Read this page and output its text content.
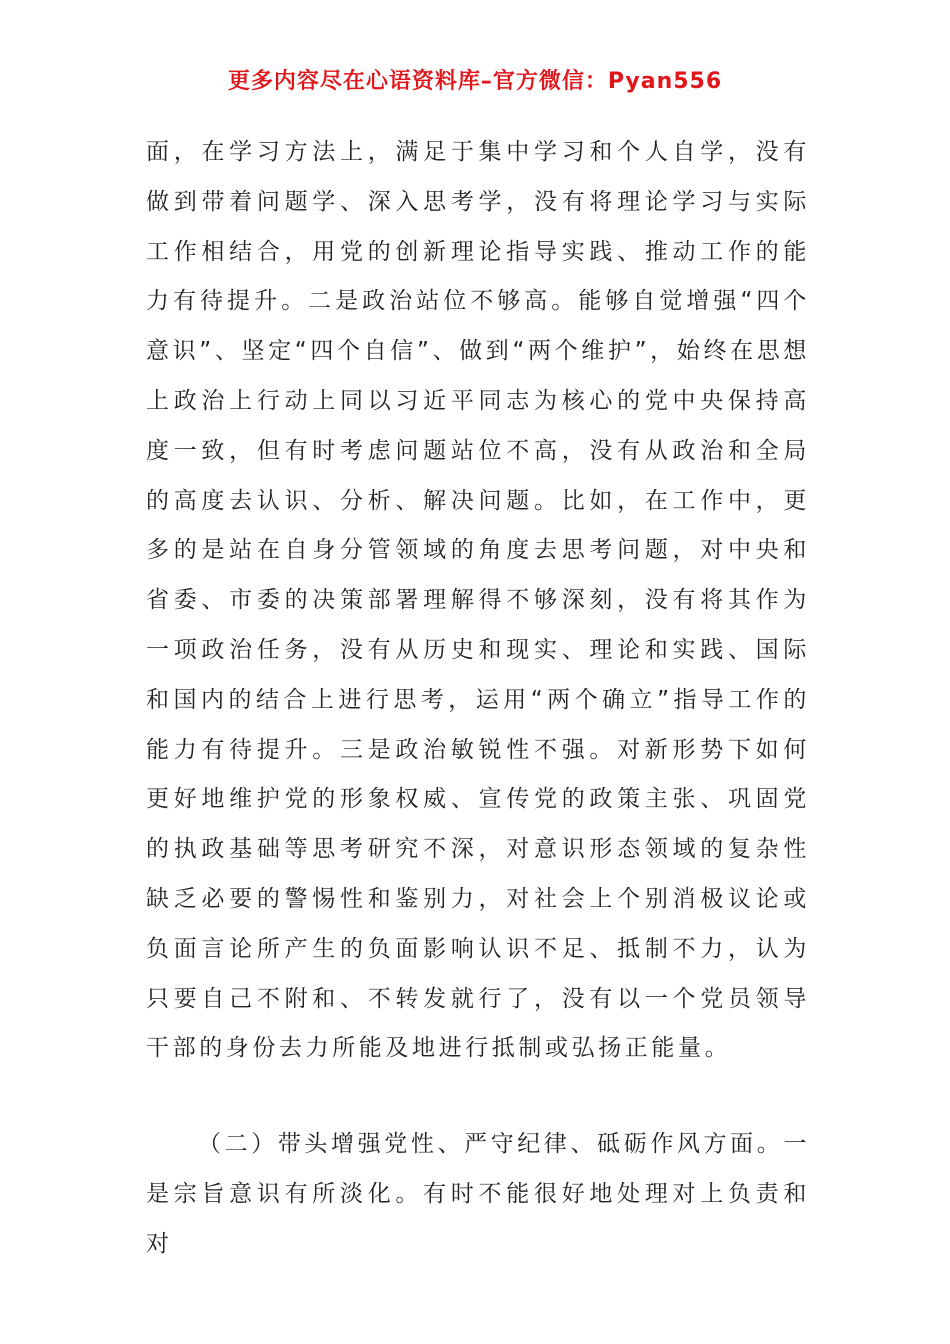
更多内容尽在心语资料库–官方微信：Pyan556

面，在学习方法上，满足于集中学习和个人自学，没有做到带着问题学、深入思考学，没有将理论学习与实际工作相结合，用党的创新理论指导实践、推动工作的能力有待提升。二是政治站位不够高。能够自觉增强“四个意识”、坚定“四个自信”、做到“两个维护”，始终在思想上政治上行动上同以习近平同志为核心的党中央保持高度一致，但有时考虑问题站位不高，没有从政治和全局的高度去认识、分析、解决问题。比如，在工作中，更多的是站在自身分管领域的角度去思考问题，对中央和省委、市委的决策部署理解得不够深刻，没有将其作为一项政治任务，没有从历史和现实、理论和实践、国际和国内的结合上进行思考，运用“两个确立”指导工作的能力有待提升。三是政治敏锐性不强。对新形势下如何更好地维护党的形象权威、宣传党的政策主张、巩固党的执政基础等思考研究不深，对意识形态领域的复杂性缺乏必要的警惕性和鉴别力，对社会上个别消极议论或负面言论所产生的负面影响认识不足、抵制不力，认为只要自己不附和、不转发就行了，没有以一个党员领导干部的身份去力所能及地进行抵制或弘扬正能量。

（二）带头增强党性、严守纪律、砥砺作风方面。一是宗旨意识有所淡化。有时不能很好地处理对上负责和对
